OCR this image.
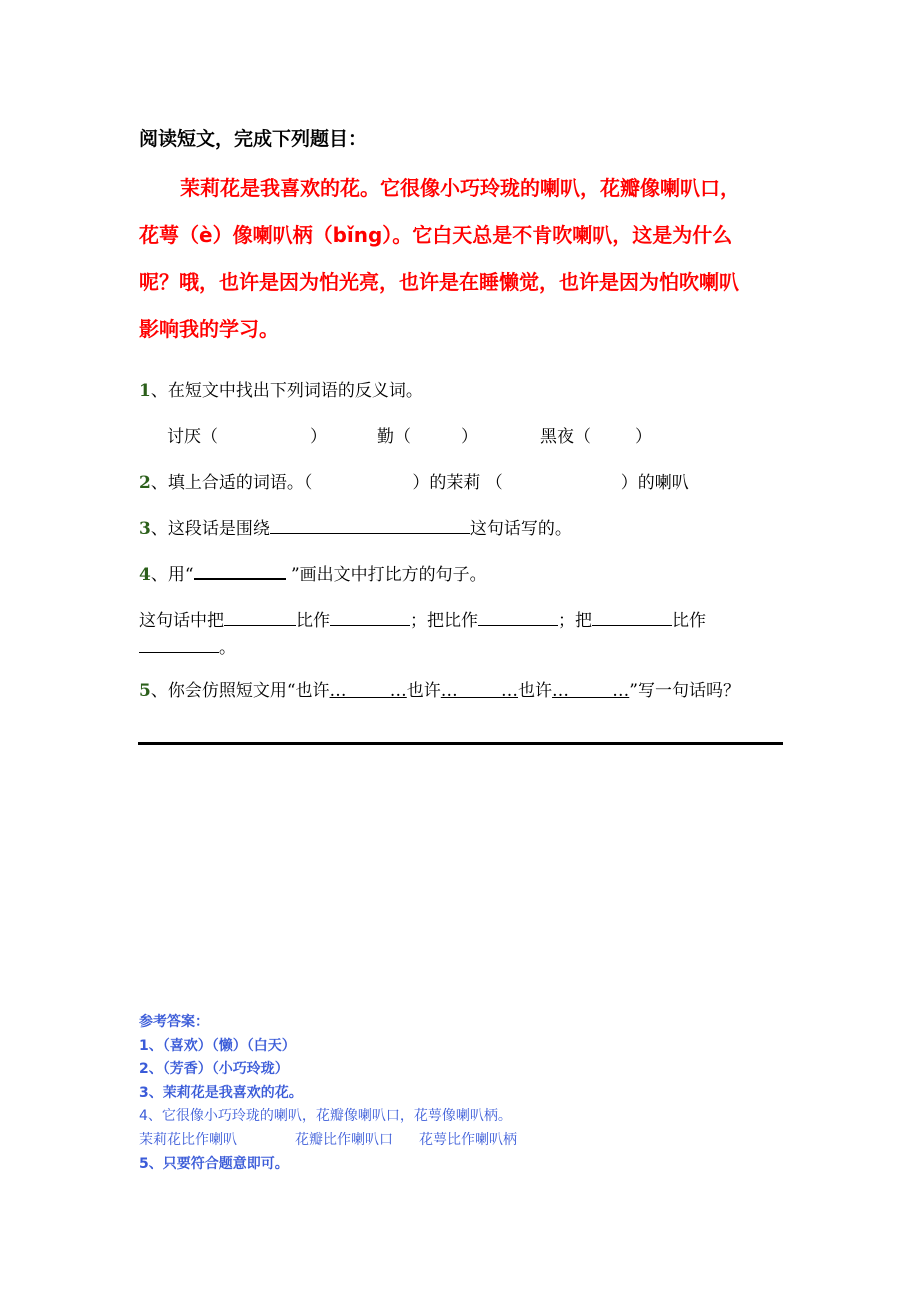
阅读短文，完成下列题目：
茉莉花是我喜欢的花。它很像小巧玲珑的喇叭，花瓣像喇叭口，
花萼（è）像喇叭柄（bǐng）。它白天总是不肯吹喇叭，这是为什么
呢？哦，也许是因为怕光亮，也许是在睡懒觉，也许是因为怕吹喇叭
影响我的学习。
1、在短文中找出下列词语的反义词。
讨厌（	）	勤（	）	黑夜（	）
2、填上合适的词语。（	）的茉莉 （	）的喇叭
3、这段话是围绕	这句话写的。
4、用“	”画出文中打比方的句子。
这句话中把	比作	；把比作	；把	比作
。
5、你会仿照短文用“也许…        …也许…        …也许…        …”写一句话吗？
参考答案：
1、（喜欢）（懒）（白天）
2、（芳香）（小巧玲珑）
3、茉莉花是我喜欢的花。
4、它很像小巧玲珑的喇叭，花瓣像喇叭口，花萼像喇叭柄。
茉莉花比作喇叭	花瓣比作喇叭口 花萼比作喇叭柄
5、只要符合题意即可。
